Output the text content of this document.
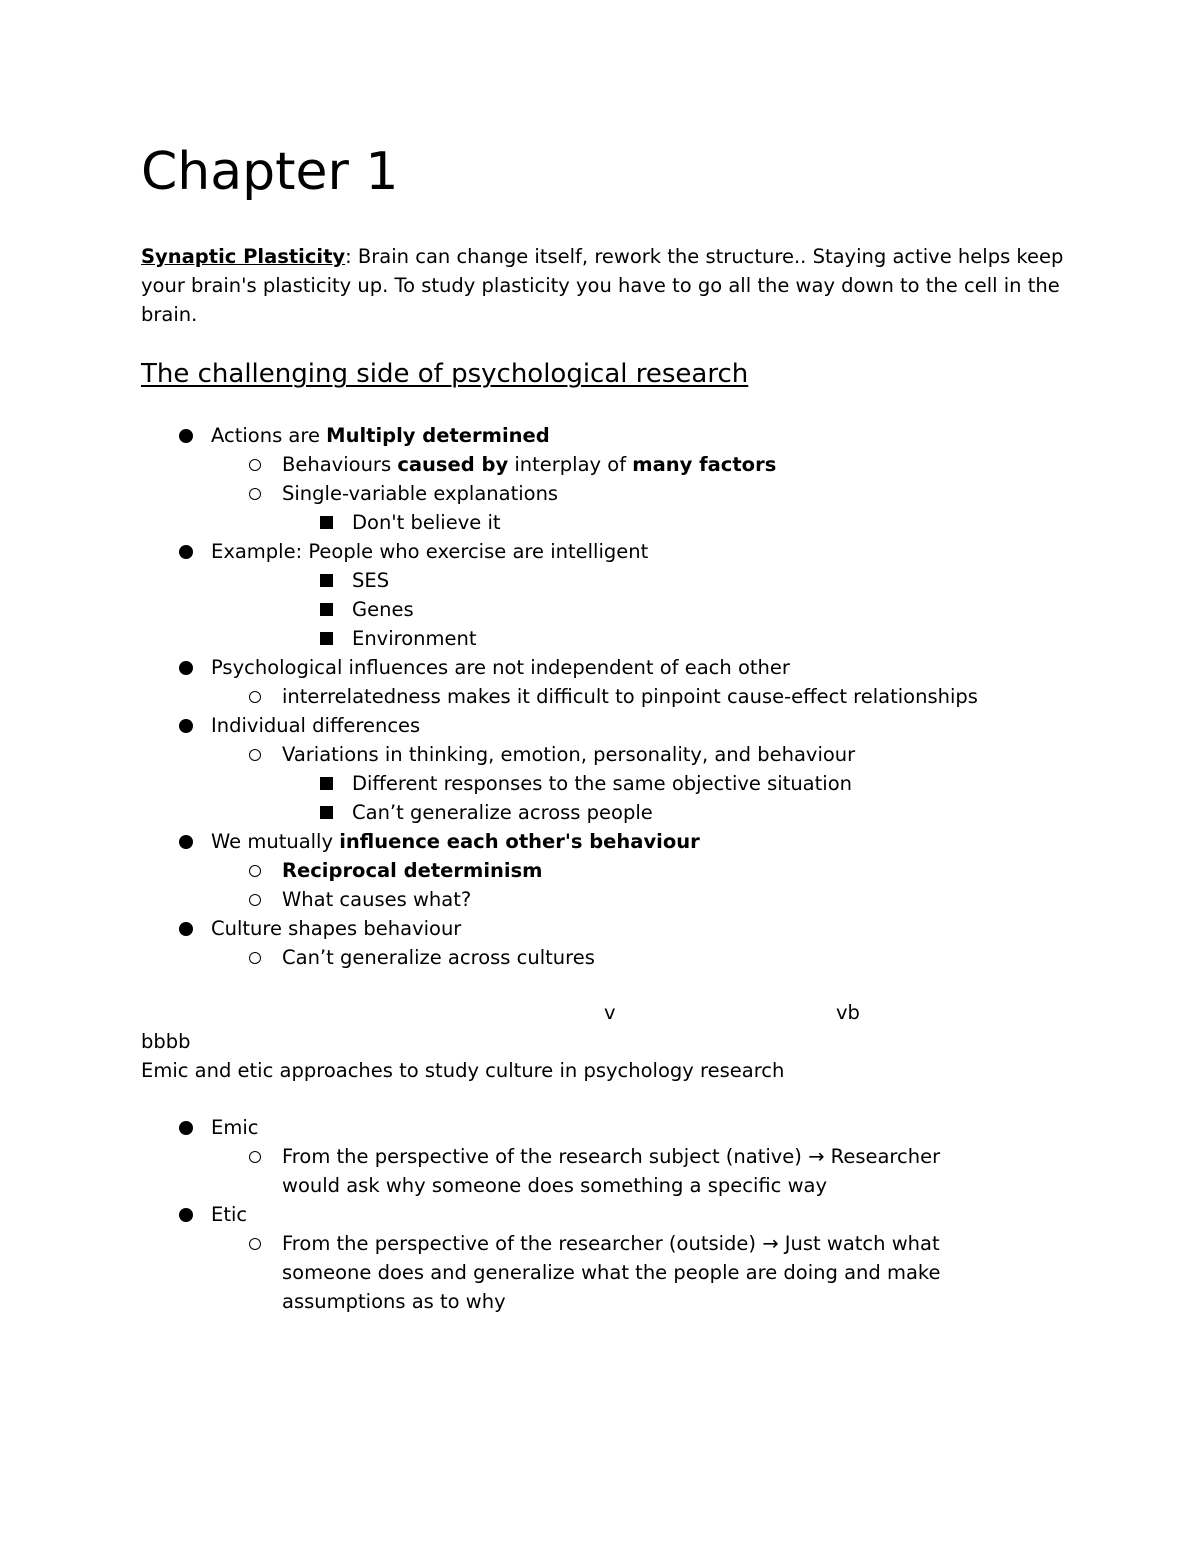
Chapter 1

Synaptic Plasticity: Brain can change itself, rework the structure.. Staying active helps keep your brain's plasticity up. To study plasticity you have to go all the way down to the cell in the brain.

The challenging side of psychological research
Actions are Multiply determined
Behaviours caused by interplay of many factors
Single-variable explanations
Don't believe it
Example: People who exercise are intelligent
SES
Genes
Environment
Psychological influences are not independent of each other
interrelatedness makes it difficult to pinpoint cause-effect relationships
Individual differences
Variations in thinking, emotion, personality, and behaviour
Different responses to the same objective situation
Can’t generalize across people
We mutually influence each other's behaviour
Reciprocal determinism
What causes what?
Culture shapes behaviour
Can’t generalize across cultures
v	vb
bbbb
Emic and etic approaches to study culture in psychology research
Emic
From the perspective of the research subject (native) → Researcher
would ask why someone does something a specific way
Etic
From the perspective of the researcher (outside) → Just watch what
someone does and generalize what the people are doing and make
assumptions as to why
